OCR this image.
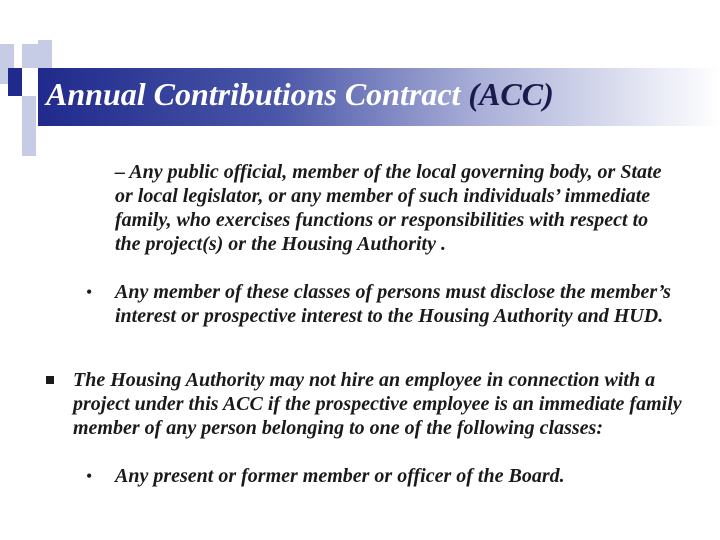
Annual Contributions Contract (ACC)

– Any public official, member of the local governing body, or State or local legislator, or any member of such individuals’ immediate family, who exercises functions or responsibilities with respect to the project(s) or the Housing Authority .

• Any member of these classes of persons must disclose the member’s interest or prospective interest to the Housing Authority and HUD.

The Housing Authority may not hire an employee in connection with a project under this ACC if the prospective employee is an immediate family member of any person belonging to one of the following classes:

• Any present or former member or officer of the Board.
